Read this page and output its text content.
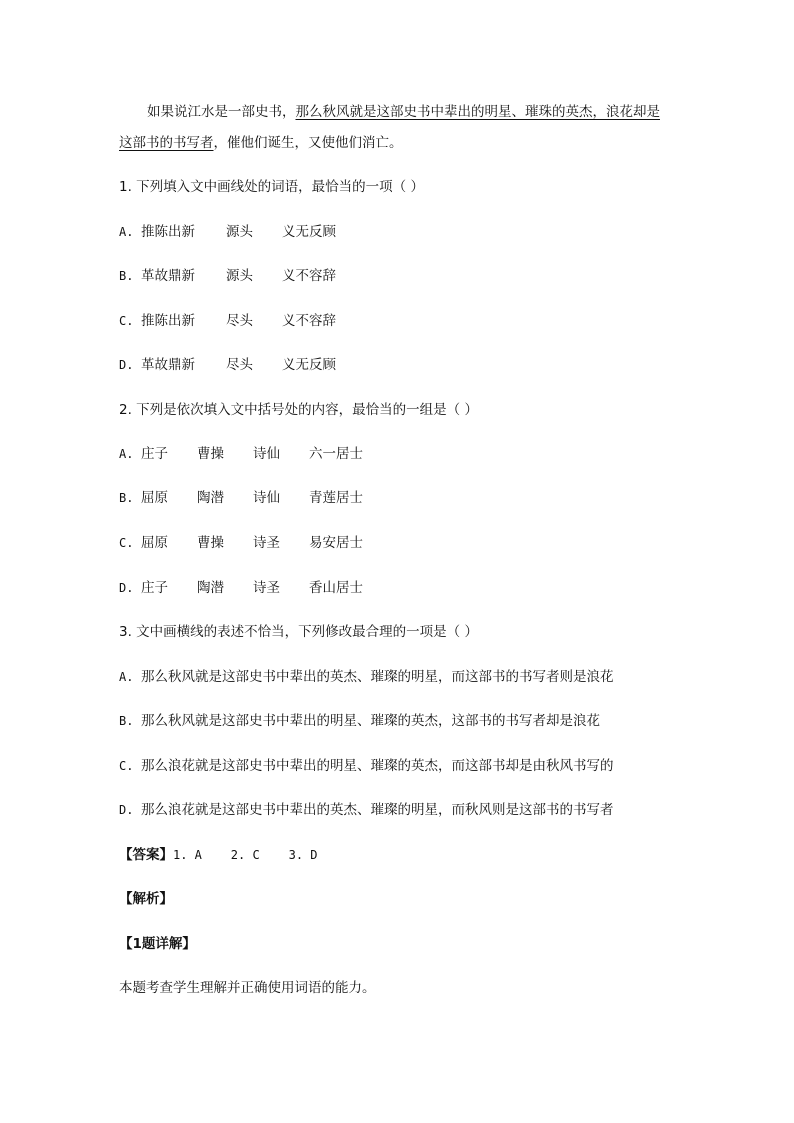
如果说江水是一部史书，那么秋风就是这部史书中辈出的明星、璀珠的英杰，浪花却是
这部书的书写者，催他们诞生，又使他们消亡。
1. 下列填入文中画线处的词语，最恰当的一项（ ）
A. 推陈出新 源头 义无反顾
B. 革故鼎新 源头 义不容辞
C. 推陈出新 尽头 义不容辞
D. 革故鼎新 尽头 义无反顾
2. 下列是依次填入文中括号处的内容，最恰当的一组是（ ）
A. 庄子 曹操 诗仙 六一居士
B. 屈原 陶潜 诗仙 青莲居士
C. 屈原 曹操 诗圣 易安居士
D. 庄子 陶潜 诗圣 香山居士
3. 文中画横线的表述不恰当，下列修改最合理的一项是（ ）
A. 那么秋风就是这部史书中辈出的英杰、璀璨的明星，而这部书的书写者则是浪花
B. 那么秋风就是这部史书中辈出的明星、璀璨的英杰，这部书的书写者却是浪花
C. 那么浪花就是这部史书中辈出的明星、璀璨的英杰，而这部书却是由秋风书写的
D. 那么浪花就是这部史书中辈出的英杰、璀璨的明星，而秋风则是这部书的书写者
【答案】1. A    2. C    3. D
【解析】
【1题详解】
本题考查学生理解并正确使用词语的能力。
